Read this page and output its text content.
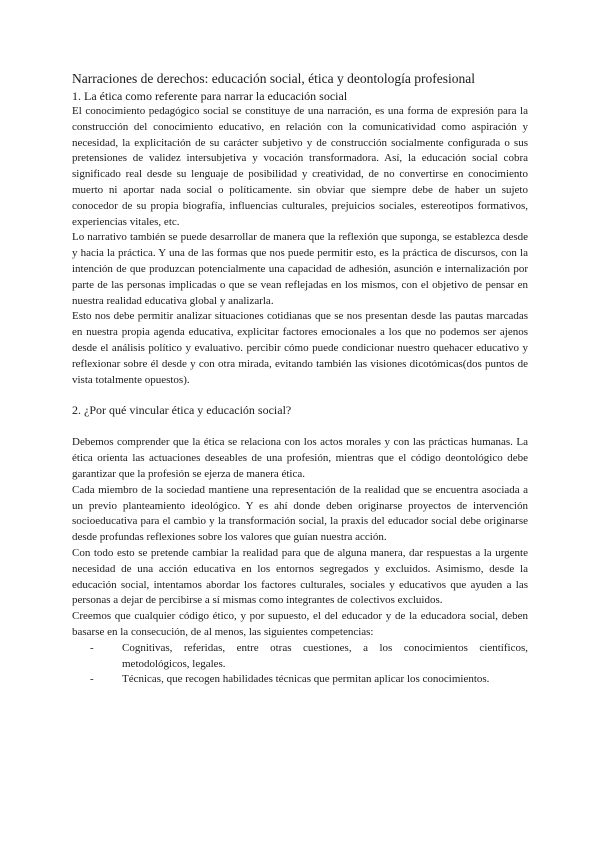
Narraciones de derechos: educación social, ética y deontología profesional
1. La ética como referente para narrar la educación social

El conocimiento pedagógico social se constituye de una narración, es una forma de expresión para la construcción del conocimiento educativo, en relación con la comunicatividad como aspiración y necesidad, la explicitación de su carácter subjetivo y de construcción socialmente configurada o sus pretensiones de validez intersubjetiva y vocación transformadora. Así, la educación social cobra significado real desde su lenguaje de posibilidad y creatividad, de no convertirse en conocimiento muerto ni aportar nada social o políticamente. sin obviar que siempre debe de haber un sujeto conocedor de su propia biografía, influencias culturales, prejuicios sociales, estereotipos formativos, experiencias vitales, etc.

Lo narrativo también se puede desarrollar de manera que la reflexión que suponga, se establezca desde y hacia la práctica. Y una de las formas que nos puede permitir esto, es la práctica de discursos, con la intención de que produzcan potencialmente una capacidad de adhesión, asunción e internalización por parte de las personas implicadas o que se vean reflejadas en los mismos, con el objetivo de pensar en nuestra realidad educativa global y analizarla.

Esto nos debe permitir analizar situaciones cotidianas que se nos presentan desde las pautas marcadas en nuestra propia agenda educativa, explicitar factores emocionales a los que no podemos ser ajenos desde el análisis político y evaluativo. percibir cómo puede condicionar nuestro quehacer educativo y reflexionar sobre él desde y con otra mirada, evitando también las visiones dicotómicas(dos puntos de vista totalmente opuestos).

2. ¿Por qué vincular ética y educación social?

Debemos comprender que la ética se relaciona con los actos morales y con las prácticas humanas. La ética orienta las actuaciones deseables de una profesión, mientras que el código deontológico debe garantizar que la profesión se ejerza de manera ética.

Cada miembro de la sociedad mantiene una representación de la realidad que se encuentra asociada a un previo planteamiento ideológico. Y es ahí donde deben originarse proyectos de intervención socioeducativa para el cambio y la transformación social, la praxis del educador social debe originarse desde profundas reflexiones sobre los valores que guían nuestra acción.

Con todo esto se pretende cambiar la realidad para que de alguna manera, dar respuestas a la urgente necesidad de una acción educativa en los entornos segregados y excluidos. Asimismo, desde la educación social, intentamos abordar los factores culturales, sociales y educativos que ayuden a las personas a dejar de percibirse a sí mismas como integrantes de colectivos excluidos.

Creemos que cualquier código ético, y por supuesto, el del educador y de la educadora social, deben basarse en la consecución, de al menos, las siguientes competencias:

-	Cognitivas, referidas, entre otras cuestiones, a los conocimientos científicos, metodológicos, legales.
-	Técnicas, que recogen habilidades técnicas que permitan aplicar los conocimientos.
